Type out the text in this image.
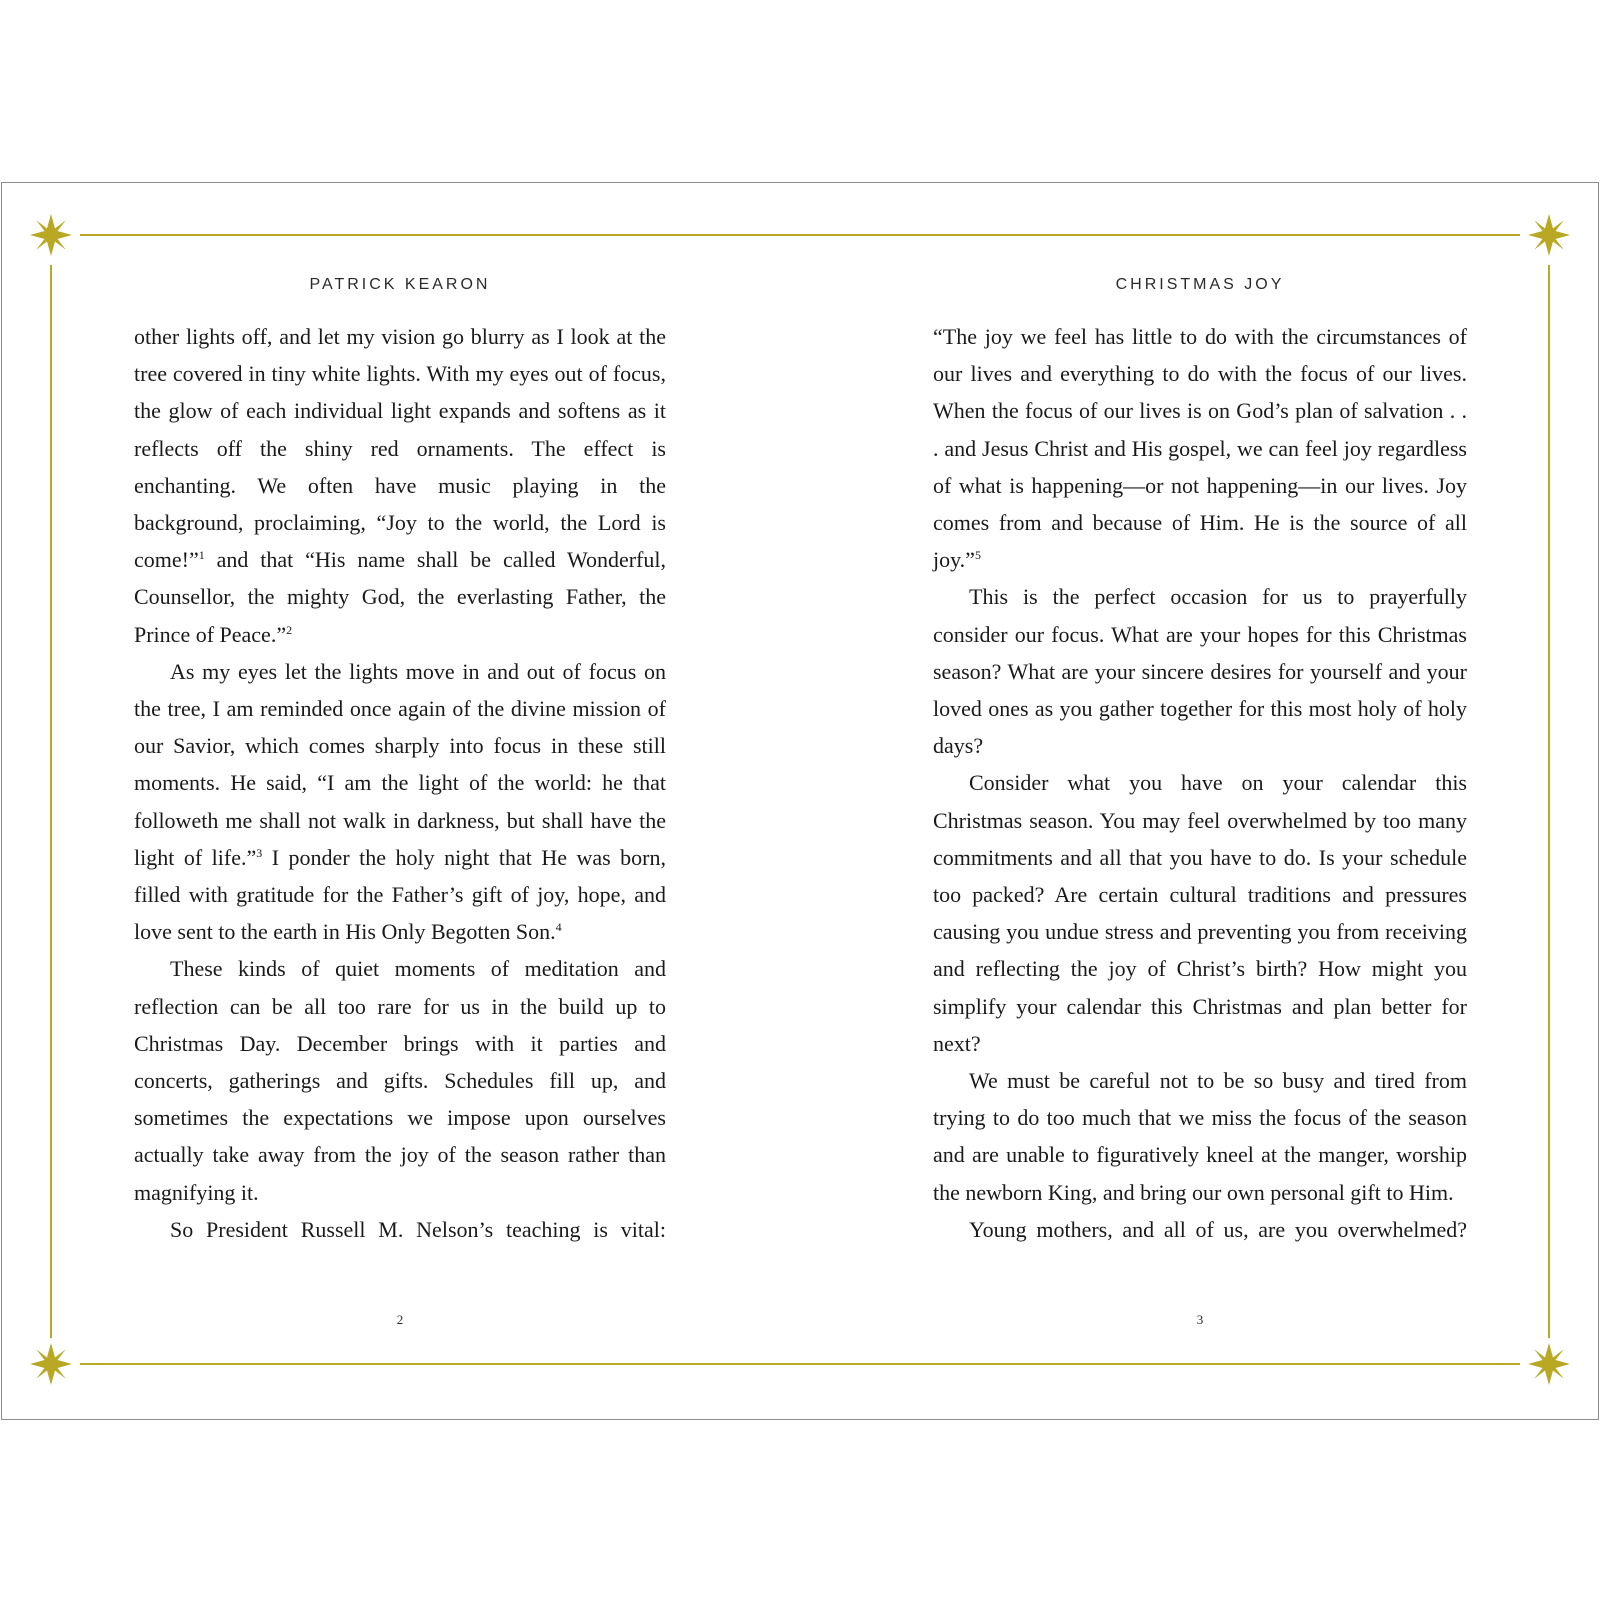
PATRICK KEARON

other lights off, and let my vision go blurry as I look at the tree covered in tiny white lights. With my eyes out of focus, the glow of each individual light expands and softens as it reflects off the shiny red ornaments. The effect is enchanting. We often have music playing in the background, proclaiming, “Joy to the world, the Lord is come!”$^1$ and that “His name shall be called Wonderful, Counsellor, the mighty God, the everlasting Father, the Prince of Peace.”$^2$

As my eyes let the lights move in and out of focus on the tree, I am reminded once again of the divine mission of our Savior, which comes sharply into focus in these still moments. He said, “I am the light of the world: he that followeth me shall not walk in darkness, but shall have the light of life.”$^3$ I ponder the holy night that He was born, filled with gratitude for the Father’s gift of joy, hope, and love sent to the earth in His Only Begotten Son.$^4$

These kinds of quiet moments of meditation and reflection can be all too rare for us in the build up to Christmas Day. December brings with it parties and concerts, gatherings and gifts. Schedules fill up, and sometimes the expectations we impose upon ourselves actually take away from the joy of the season rather than magnifying it.

So President Russell M. Nelson’s teaching is vital:

2
CHRISTMAS JOY

“The joy we feel has little to do with the circumstances of our lives and everything to do with the focus of our lives. When the focus of our lives is on God’s plan of salvation . . . and Jesus Christ and His gospel, we can feel joy regardless of what is happening—or not happening—in our lives. Joy comes from and because of Him. He is the source of all joy.”$^5$

This is the perfect occasion for us to prayerfully consider our focus. What are your hopes for this Christmas season? What are your sincere desires for yourself and your loved ones as you gather together for this most holy of holy days?

Consider what you have on your calendar this Christmas season. You may feel overwhelmed by too many commitments and all that you have to do. Is your schedule too packed? Are certain cultural traditions and pressures causing you undue stress and preventing you from receiving and reflecting the joy of Christ’s birth? How might you simplify your calendar this Christmas and plan better for next?

We must be careful not to be so busy and tired from trying to do too much that we miss the focus of the season and are unable to figuratively kneel at the manger, worship the newborn King, and bring our own personal gift to Him.

Young mothers, and all of us, are you overwhelmed?

3
